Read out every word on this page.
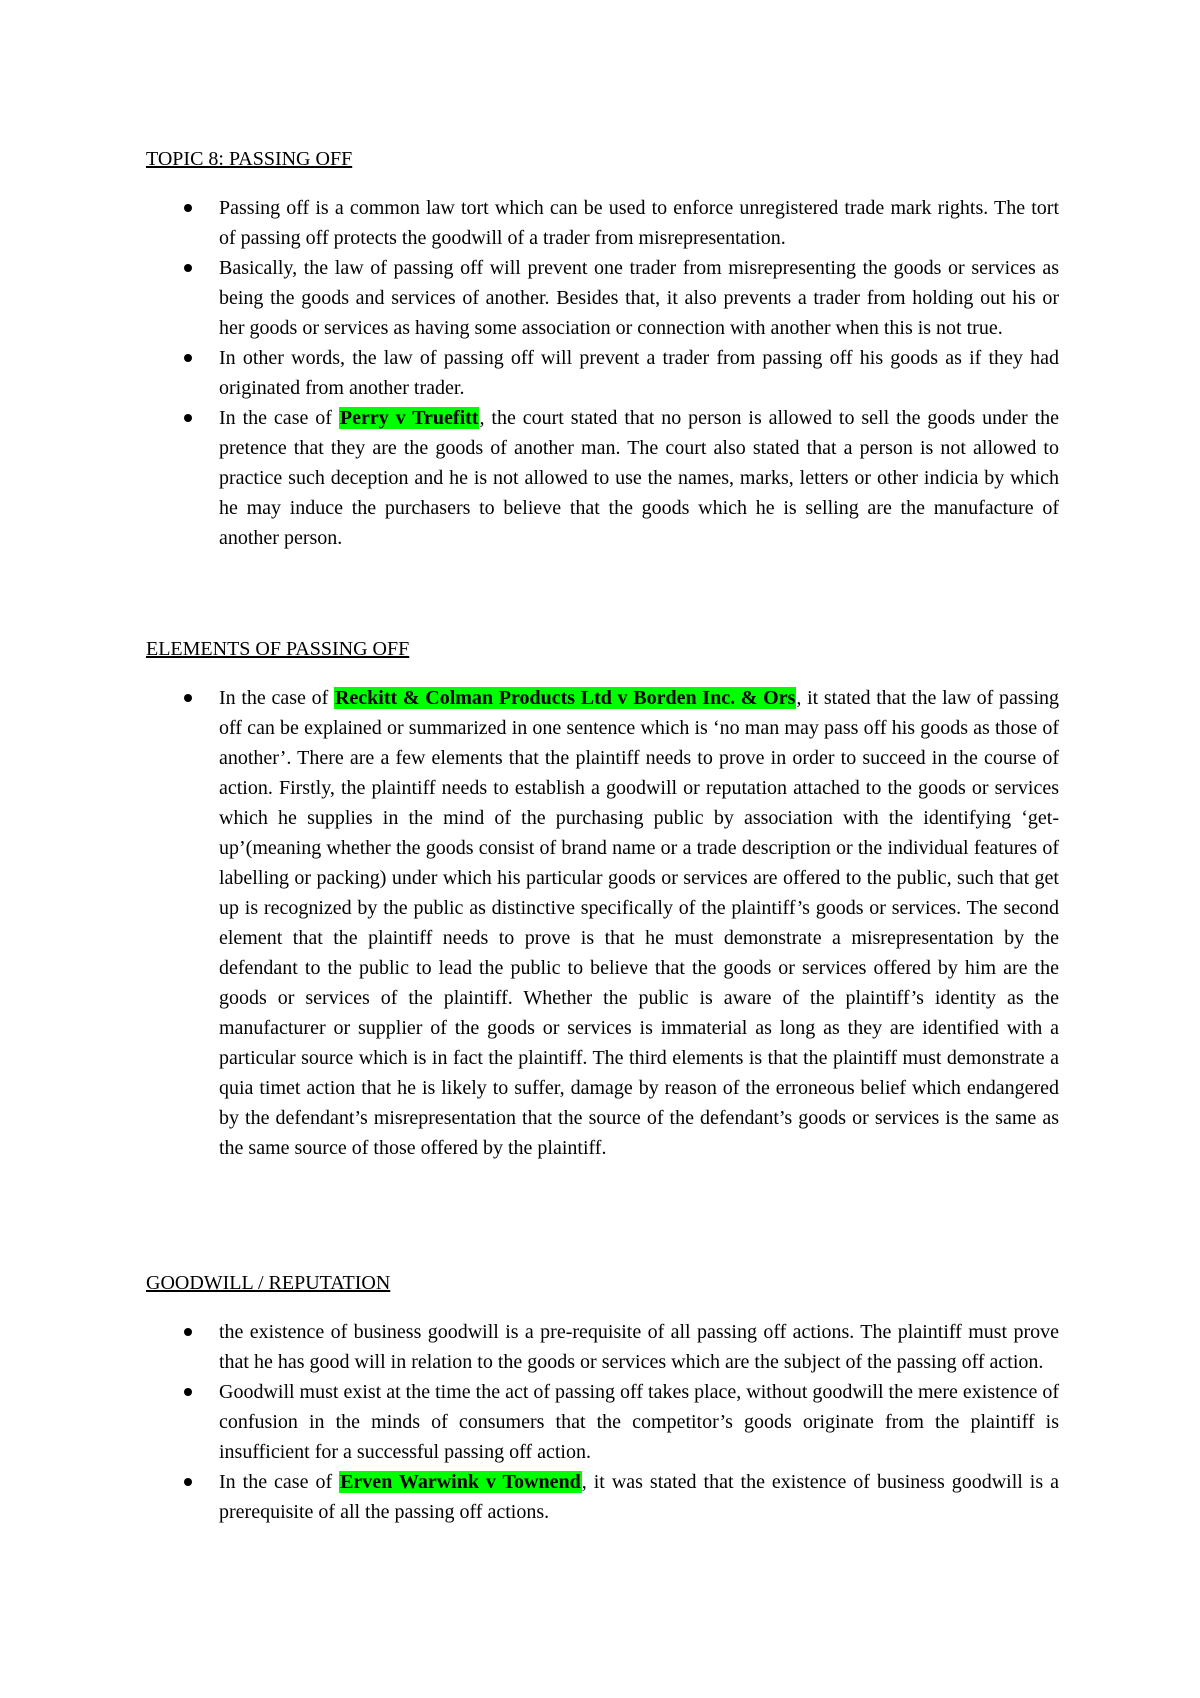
TOPIC 8: PASSING OFF
Passing off is a common law tort which can be used to enforce unregistered trade mark rights. The tort of passing off protects the goodwill of a trader from misrepresentation.
Basically, the law of passing off will prevent one trader from misrepresenting the goods or services as being the goods and services of another. Besides that, it also prevents a trader from holding out his or her goods or services as having some association or connection with another when this is not true.
In other words, the law of passing off will prevent a trader from passing off his goods as if they had originated from another trader.
In the case of Perry v Truefitt, the court stated that no person is allowed to sell the goods under the pretence that they are the goods of another man. The court also stated that a person is not allowed to practice such deception and he is not allowed to use the names, marks, letters or other indicia by which he may induce the purchasers to believe that the goods which he is selling are the manufacture of another person.
ELEMENTS OF PASSING OFF
In the case of Reckitt & Colman Products Ltd v Borden Inc. & Ors, it stated that the law of passing off can be explained or summarized in one sentence which is ‘no man may pass off his goods as those of another’. There are a few elements that the plaintiff needs to prove in order to succeed in the course of action. Firstly, the plaintiff needs to establish a goodwill or reputation attached to the goods or services which he supplies in the mind of the purchasing public by association with the identifying ‘get-up’(meaning whether the goods consist of brand name or a trade description or the individual features of labelling or packing) under which his particular goods or services are offered to the public, such that get up is recognized by the public as distinctive specifically of the plaintiff’s goods or services. The second element that the plaintiff needs to prove is that he must demonstrate a misrepresentation by the defendant to the public to lead the public to believe that the goods or services offered by him are the goods or services of the plaintiff. Whether the public is aware of the plaintiff’s identity as the manufacturer or supplier of the goods or services is immaterial as long as they are identified with a particular source which is in fact the plaintiff. The third elements is that the plaintiff must demonstrate a quia timet action that he is likely to suffer, damage by reason of the erroneous belief which endangered by the defendant’s misrepresentation that the source of the defendant’s goods or services is the same as the same source of those offered by the plaintiff.
GOODWILL / REPUTATION
the existence of business goodwill is a pre-requisite of all passing off actions. The plaintiff must prove that he has good will in relation to the goods or services which are the subject of the passing off action.
Goodwill must exist at the time the act of passing off takes place, without goodwill the mere existence of confusion in the minds of consumers that the competitor’s goods originate from the plaintiff is insufficient for a successful passing off action.
In the case of Erven Warwink v Townend, it was stated that the existence of business goodwill is a prerequisite of all the passing off actions.
